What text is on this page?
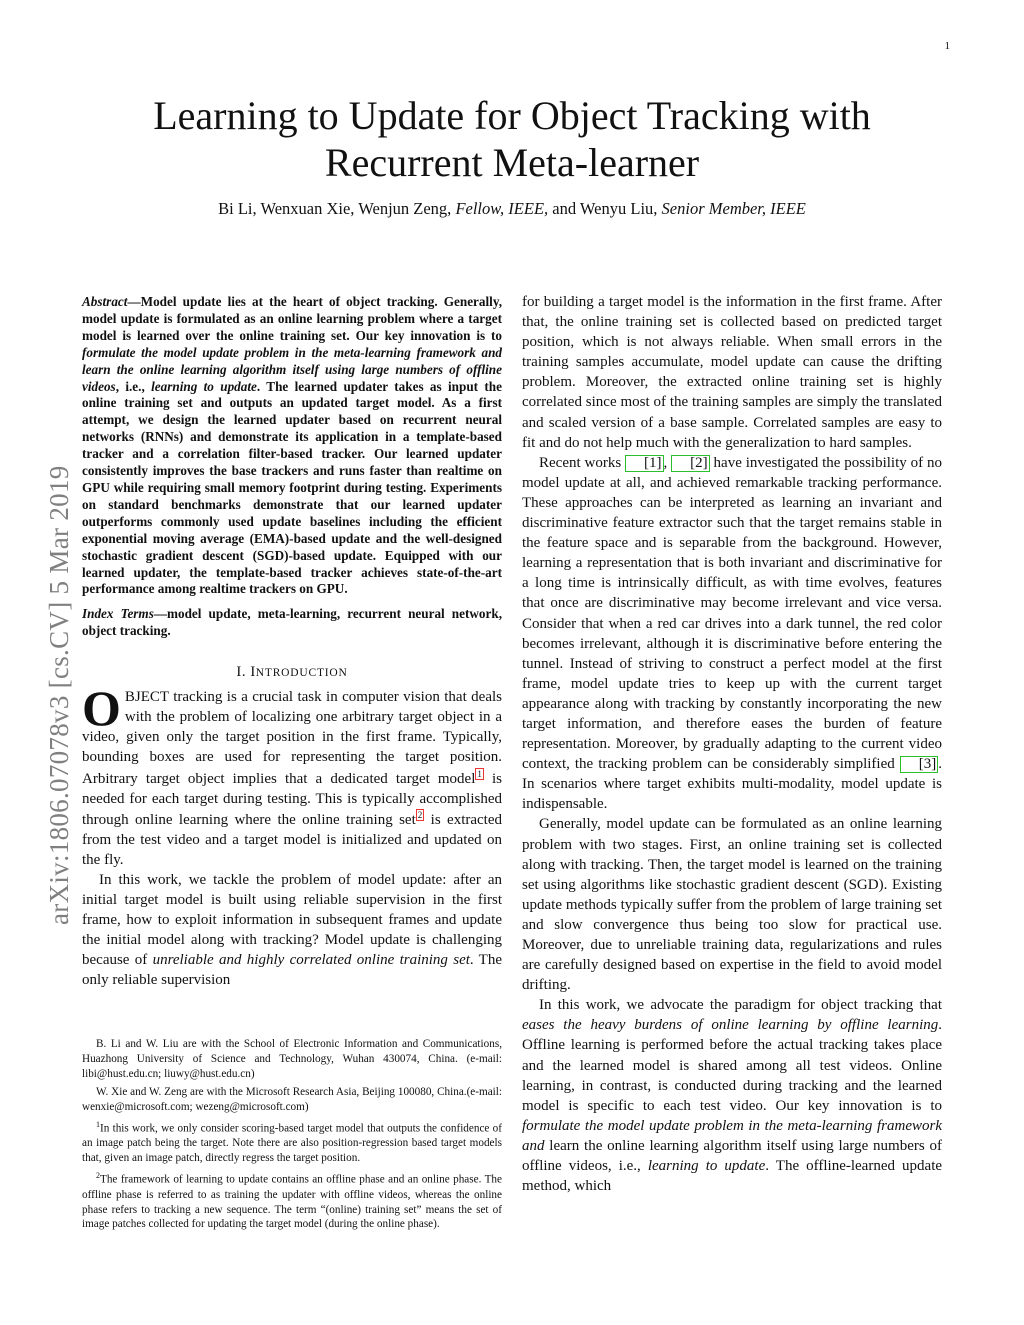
1
arXiv:1806.07078v3 [cs.CV] 5 Mar 2019
Learning to Update for Object Tracking with
Recurrent Meta-learner
Bi Li, Wenxuan Xie, Wenjun Zeng, Fellow, IEEE, and Wenyu Liu, Senior Member, IEEE

Abstract—Model update lies at the heart of object tracking. Generally, model update is formulated as an online learning problem where a target model is learned over the online training set. Our key innovation is to formulate the model update problem in the meta-learning framework and learn the online learning algorithm itself using large numbers of offline videos, i.e., learning to update. The learned updater takes as input the online training set and outputs an updated target model. As a first attempt, we design the learned updater based on recurrent neural networks (RNNs) and demonstrate its application in a template-based tracker and a correlation filter-based tracker. Our learned updater consistently improves the base trackers and runs faster than realtime on GPU while requiring small memory footprint during testing. Experiments on standard benchmarks demonstrate that our learned updater outperforms commonly used update baselines including the efficient exponential moving average (EMA)-based update and the well-designed stochastic gradient descent (SGD)-based update. Equipped with our learned updater, the template-based tracker achieves state-of-the-art performance among realtime trackers on GPU.

Index Terms—model update, meta-learning, recurrent neural network, object tracking.

I. INTRODUCTION

OBJECT tracking is a crucial task in computer vision that deals with the problem of localizing one arbitrary target object in a video, given only the target position in the first frame. Typically, bounding boxes are used for representing the target position. Arbitrary target object implies that a dedicated target model 1 is needed for each target during testing. This is typically accomplished through online learning where the online training set 2 is extracted from the test video and a target model is initialized and updated on the fly.

In this work, we tackle the problem of model update: after an initial target model is built using reliable supervision in the first frame, how to exploit information in subsequent frames and update the initial model along with tracking? Model update is challenging because of unreliable and highly correlated online training set. The only reliable supervision

B. Li and W. Liu are with the School of Electronic Information and Communications, Huazhong University of Science and Technology, Wuhan 430074, China. (e-mail: libi@hust.edu.cn; liuwy@hust.edu.cn)

W. Xie and W. Zeng are with the Microsoft Research Asia, Beijing 100080, China.(e-mail: wenxie@microsoft.com; wezeng@microsoft.com)

$^1$In this work, we only consider scoring-based target model that outputs the confidence of an image patch being the target. Note there are also position-regression based target models that, given an image patch, directly regress the target position.

$^2$The framework of learning to update contains an offline phase and an online phase. The offline phase is referred to as training the updater with offline videos, whereas the online phase refers to tracking a new sequence. The term “(online) training set” means the set of image patches collected for updating the target model (during the online phase).

for building a target model is the information in the first frame. After that, the online training set is collected based on predicted target position, which is not always reliable. When small errors in the training samples accumulate, model update can cause the drifting problem. Moreover, the extracted online training set is highly correlated since most of the training samples are simply the translated and scaled version of a base sample. Correlated samples are easy to fit and do not help much with the generalization to hard samples.

Recent works [1] , [2] have investigated the possibility of no model update at all, and achieved remarkable tracking performance. These approaches can be interpreted as learning an invariant and discriminative feature extractor such that the target remains stable in the feature space and is separable from the background. However, learning a representation that is both invariant and discriminative for a long time is intrinsically difficult, as with time evolves, features that once are discriminative may become irrelevant and vice versa. Consider that when a red car drives into a dark tunnel, the red color becomes irrelevant, although it is discriminative before entering the tunnel. Instead of striving to construct a perfect model at the first frame, model update tries to keep up with the current target appearance along with tracking by constantly incorporating the new target information, and therefore eases the burden of feature representation. Moreover, by gradually adapting to the current video context, the tracking problem can be considerably simplified [3] . In scenarios where target exhibits multi-modality, model update is indispensable.

Generally, model update can be formulated as an online learning problem with two stages. First, an online training set is collected along with tracking. Then, the target model is learned on the training set using algorithms like stochastic gradient descent (SGD). Existing update methods typically suffer from the problem of large training set and slow convergence thus being too slow for practical use. Moreover, due to unreliable training data, regularizations and rules are carefully designed based on expertise in the field to avoid model drifting.

In this work, we advocate the paradigm for object tracking that eases the heavy burdens of online learning by offline learning. Offline learning is performed before the actual tracking takes place and the learned model is shared among all test videos. Online learning, in contrast, is conducted during tracking and the learned model is specific to each test video. Our key innovation is to formulate the model update problem in the meta-learning framework and learn the online learning algorithm itself using large numbers of offline videos, i.e., learning to update. The offline-learned update method, which
